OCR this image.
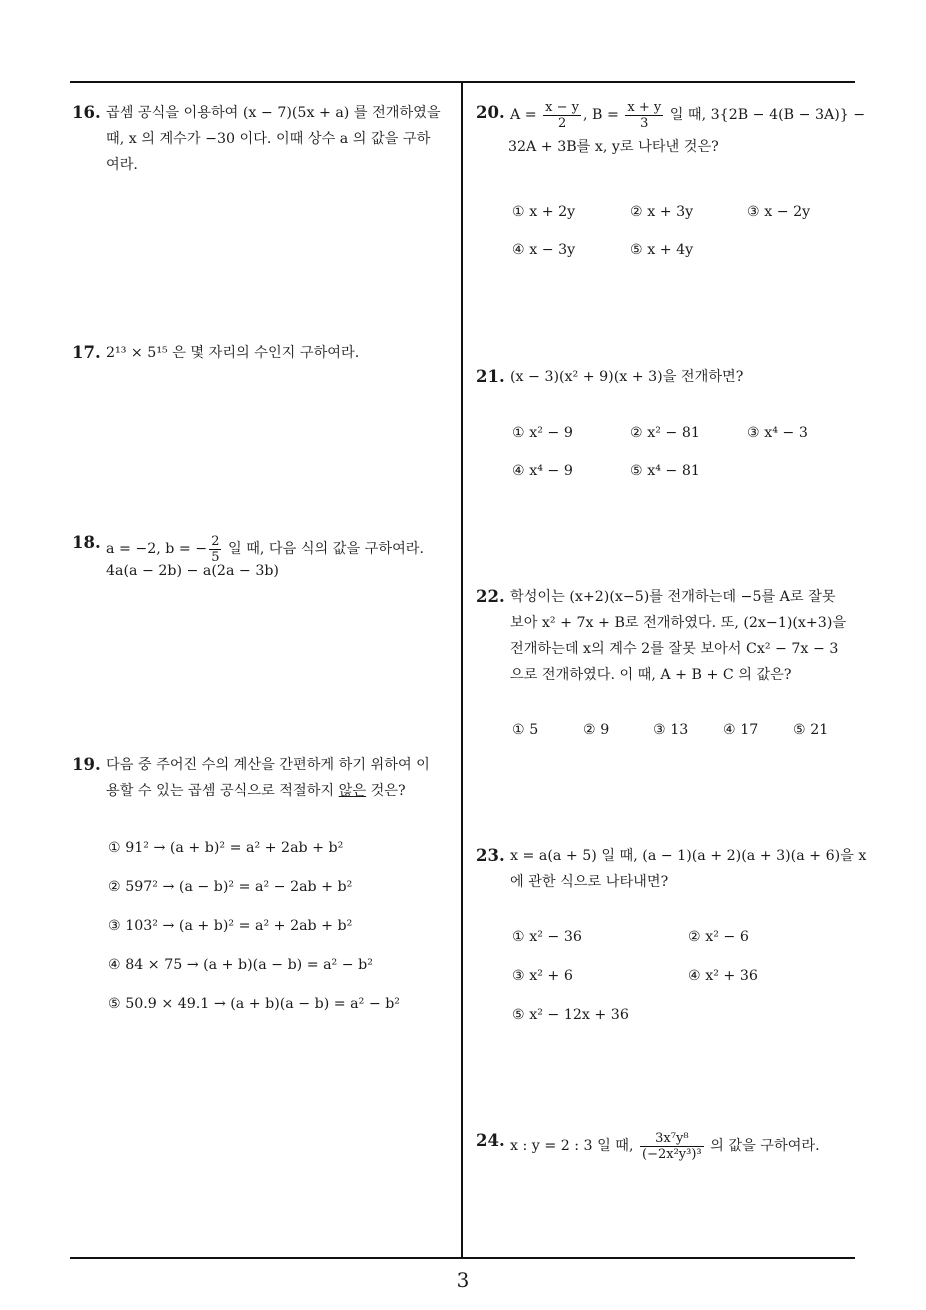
16. 곱셈 공식을 이용하여 (x − 7)(5x + a) 를 전개하였을
때, x 의 계수가 −30 이다. 이때 상수 a 의 값을 구하
여라.
17. 2¹³ × 5¹⁵ 은 몇 자리의 수인지 구하여라.
18. a = −2, b = − $\frac{2}{5}$ 일 때, 다음 식의 값을 구하여라.
4a(a − 2b) − a(2a − 3b)
19. 다음 중 주어진 수의 계산을 간편하게 하기 위하여 이
용할 수 있는 곱셈 공식으로 적절하지 않은 것은?
① 91² → (a + b)² = a² + 2ab + b²
② 597² → (a − b)² = a² − 2ab + b²
③ 103² → (a + b)² = a² + 2ab + b²
④ 84 × 75 → (a + b)(a − b) = a² − b²
⑤ 50.9 × 49.1 → (a + b)(a − b) = a² − b²
20. $A = \frac{x - y}{2}$ , $B = \frac{x + y}{3}$ 일 때, 3{2B − 4(B − 3A)} −
32A + 3B를 x, y로 나타낸 것은?
① x + 2y	② x + 3y	③ x − 2y
④ x − 3y	⑤ x + 4y
21. (x − 3)(x² + 9)(x + 3)을 전개하면?
① x² − 9	② x² − 81	③ x⁴ − 3
④ x⁴ − 9	⑤ x⁴ − 81
22. 학성이는 (x+2)(x−5)를 전개하는데 −5를 A로 잘못
보아 x² + 7x + B로 전개하였다. 또, (2x−1)(x+3)을
전개하는데 x의 계수 2를 잘못 보아서 Cx² − 7x − 3
으로 전개하였다. 이 때, A + B + C 의 값은?
① 5	② 9	③ 13 ④ 17 ⑤ 21
23. x = a(a + 5) 일 때, (a − 1)(a + 2)(a + 3)(a + 6)을 x
에 관한 식으로 나타내면?
① x² − 36	② x² − 6
③ x² + 6	④ x² + 36
⑤ x² − 12x + 36
24. x : y = 2 : 3 일 때, $\frac{\text{3x⁷y⁸}}{\text{(−2x²y³)³}}$ 의 값을 구하여라.
3
